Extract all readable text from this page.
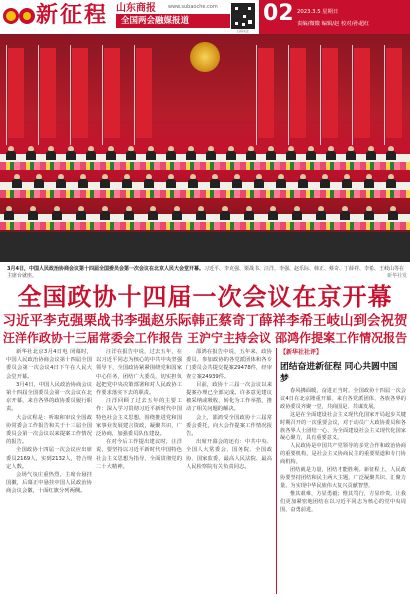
新征程 山东商报	www.subaoche.com
全国两会融媒报道
扫码关注
02 2023.3.5 星期日
责编/微微 编辑/赵 校对/孙超红
3月4日，中国人民政治协商会议第十四届全国委员会第一次会议在北京人民大会堂开幕。习近平、李克强、栗战书、汪洋、李强、赵乐际、韩正、蔡奇、丁薛祥、李希、王岐山等在主席台就座。	新华社发
全国政协十四届一次会议在京开幕
习近平李克强栗战书李强赵乐际韩正蔡奇丁薛祥李希王岐山到会祝贺
汪洋作政协十三届常委会工作报告 王沪宁主持会议 邵鸿作提案工作情况报告

新华社北京3月4日电 闭幕时，中国人民政治协商会议第十四届全国委员会第一次会议4日下午在人民大会堂开幕。

3月4日，中国人民政治协商会议第十四届全国委员会第一次会议在北京开幕，来自各界的政协委员履行职责。

大会议程是：听取和审议全国政协常委会工作报告和关于十三届全国委员会第一次会议以来提案工作情况的报告。

全国政协十四届一次会议应出席委员2169人，实到2132人，符合规定人数。

会场气氛庄重热烈，主席台悬挂国徽，后幕正中悬挂中国人民政治协商会议会徽，十面红旗分列两侧。

汪洋在报告中说，过去五年，在以习近平同志为核心的中共中央坚强领导下，全国政协紧紧围绕党和国家中心任务，团结广大委员，切实担负起把党中央决策部署和对人民政协工作要求落实下去的职责。

汪洋回顾了过去五年的主要工作：深入学习贯彻习近平新时代中国特色社会主义思想，围绕推进党和国家事业发展建言资政，凝聚共识，广泛协商，加强委员队伍建设。

在对今后工作提出建议时，汪洋说，要坚持以习近平新时代中国特色社会主义思想为指导，全面贯彻党的二十大精神。

邵鸿在报告中说，五年来，政协委员、参加政协的各党派团体和各专门委员会共提交提案29478件，经审查立案24939件。

目前，政协十三届一次会议以来提案办理已全部完成。许多意见建议被采纳或吸收，转化为工作举措，推动了相关问题的解决。

会上，邵鸿受全国政协十三届常委会委托，向大会作提案工作情况报告。

出席开幕会的还有：中共中央、全国人大常委会、国务院、全国政协、国家监委、最高人民法院、最高人民检察院有关负责同志。

【新华社社评】
团结奋进新征程 同心共圆中国梦

春风拂面暖，奋进正当时。全国政协十四届一次会议4日在北京隆重开幕。来自各党派团体、各族各界的政协委员齐聚一堂，共商国是、共谋发展。

这是在全面建设社会主义现代化国家开局起步关键时期召开的一次重要会议，对于动员广大政协委员和各族各界人士团结一心、为全面建设社会主义现代化国家凝心聚力，具有重要意义。

人民政协是中国共产党领导的多党合作和政治协商的重要机构，是社会主义协商民主的重要渠道和专门协商机构。

团结就是力量，团结才能胜利。新征程上，人民政协要坚持团结和民主两大主题，广泛凝聚共识、汇聚力量，为实现中华民族伟大复兴贡献智慧。

惟其艰难，方显勇毅；惟其笃行，方显珍贵。让我们更加紧密地团结在以习近平同志为核心的党中央周围，奋勇前进。
